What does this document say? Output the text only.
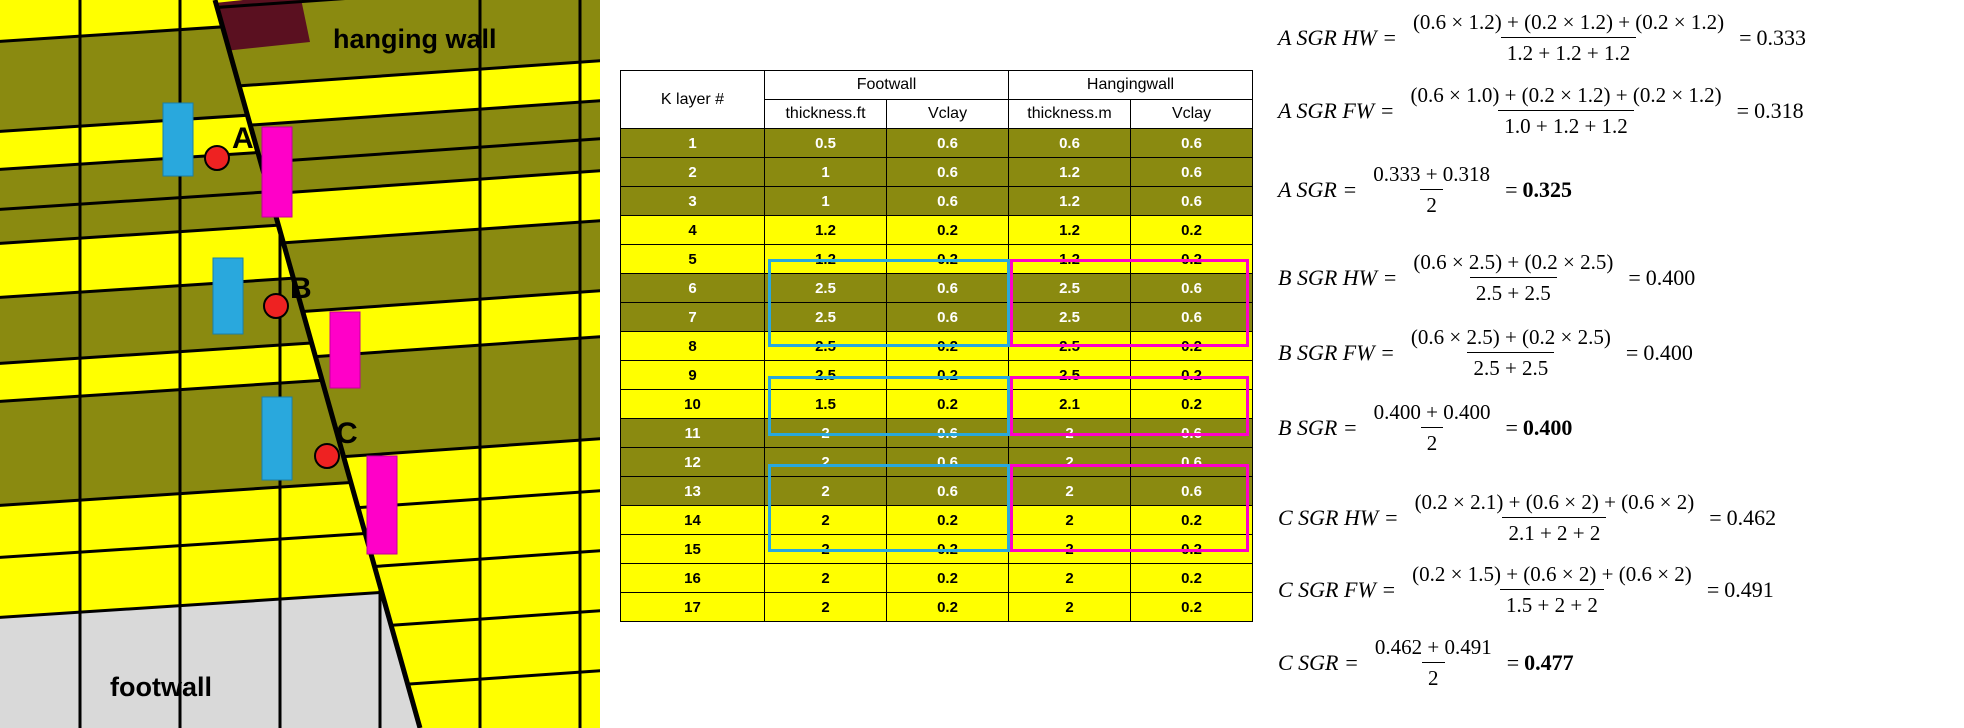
hanging wall
footwall
A
B
C
K layer #	Footwall		Hangingwall	
	thickness.ft	Vclay	thickness.m	Vclay
1	0.5	0.6	0.6	0.6
2	1	0.6	1.2	0.6
3	1	0.6	1.2	0.6
4	1.2	0.2	1.2	0.2
5	1.2	0.2	1.2	0.2
6	2.5	0.6	2.5	0.6
7	2.5	0.6	2.5	0.6
8	2.5	0.2	2.5	0.2
9	2.5	0.2	2.5	0.2
10	1.5	0.2	2.1	0.2
11	2	0.6	2	0.6
12	2	0.6	2	0.6
13	2	0.6	2	0.6
14	2	0.2	2	0.2
15	2	0.2	2	0.2
16	2	0.2	2	0.2
17	2	0.2	2	0.2
A SGR HW = $\frac{(0.6 \times 1.2) + (0.2 \times 1.2) + (0.2 \times 1.2)}{1.2 + 1.2 + 1.2} = 0.333$
A SGR FW = $\frac{(0.6 \times 1.0) + (0.2 \times 1.2) + (0.2 \times 1.2)}{1.0 + 1.2 + 1.2} = 0.318$
A SGR = $\frac{0.333 + 0.318}{2} = 0.325$
B SGR HW = $\frac{(0.6 \times 2.5) + (0.2 \times 2.5)}{2.5 + 2.5} = 0.400$
B SGR FW = $\frac{(0.6 \times 2.5) + (0.2 \times 2.5)}{2.5 + 2.5} = 0.400$
B SGR = $\frac{0.400 + 0.400}{2} = 0.400$
C SGR HW = $\frac{(0.2 \times 2.1) + (0.6 \times 2) + (0.6 \times 2)}{2.1 + 2 + 2} = 0.462$
C SGR FW = $\frac{(0.2 \times 1.5) + (0.6 \times 2) + (0.6 \times 2)}{1.5 + 2 + 2} = 0.491$
C SGR = $\frac{0.462 + 0.491}{2} = 0.477$
